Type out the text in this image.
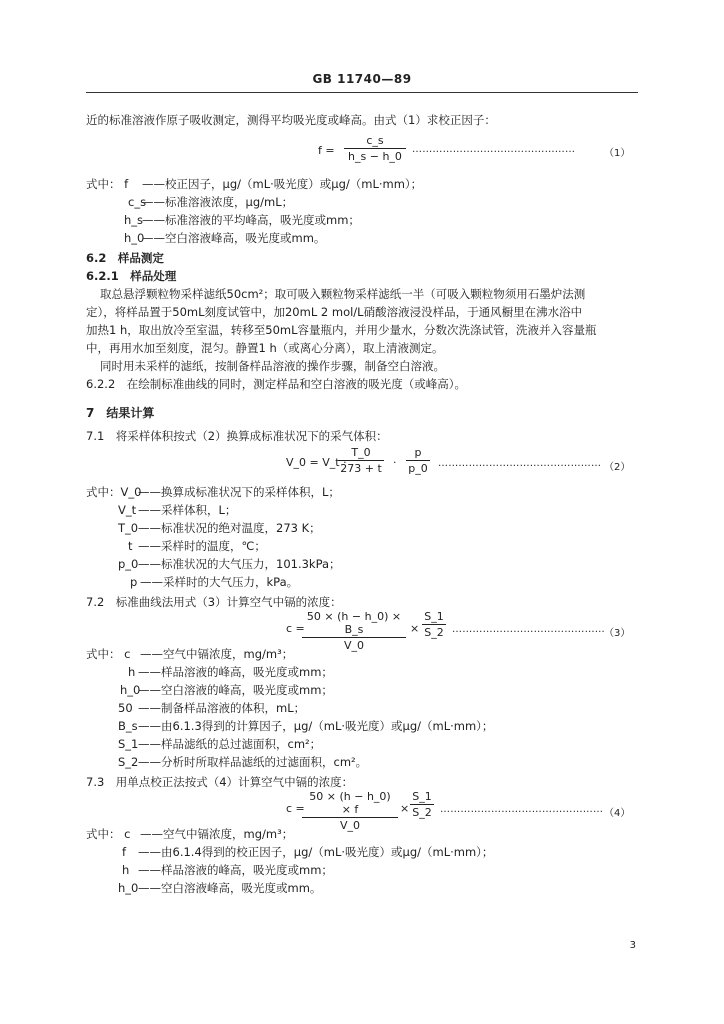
GB 11740—89
近的标准溶液作原子吸收测定，测得平均吸光度或峰高。由式（1）求校正因子：
f =
c_s
h_s − h_0
…………………………………………	（1）
式中： f ——校正因子，μg/（mL·吸光度）或μg/（mL·mm）；
c_s
——标准溶液浓度，μg/mL；
h_s
——标准溶液的平均峰高，吸光度或mm；
h_0
——空白溶液峰高，吸光度或mm。
6.2　样品测定
6.2.1　样品处理
取总悬浮颗粒物采样滤纸50cm²；取可吸入颗粒物采样滤纸一半（可吸入颗粒物须用石墨炉法测
定），将样品置于50mL刻度试管中，加20mL 2 mol/L硝酸溶液浸没样品，于通风橱里在沸水浴中
加热1 h，取出放冷至室温，转移至50mL容量瓶内，并用少量水，分数次洗涤试管，洗液并入容量瓶
中，再用水加至刻度，混匀。静置1 h（或离心分离），取上清液测定。
同时用未采样的滤纸，按制备样品溶液的操作步骤，制备空白溶液。
6.2.2　在绘制标准曲线的同时，测定样品和空白溶液的吸光度（或峰高）。
7　结果计算
7.1　将采样体积按式（2）换算成标准状况下的采气体积：
V_0 = V_t ·
T_0
273 + t ·
p
p_0 ………………………………………… （2）
式中：V_0
——换算成标准状况下的采样体积，L；
V_t ——采样体积，L；
T_0 ——标准状况的绝对温度，273 K；
t ——采样时的温度，℃；
p_0 ——标准状况的大气压力，101.3kPa；
p ——采样时的大气压力，kPa。
7.2　标准曲线法用式（3）计算空气中镉的浓度：
c =
50 × (h − h_0) × B_s
V_0
×
S_1
S_2 ……………………………………… （3）
式中： c ——空气中镉浓度，mg/m³；
h ——样品溶液的峰高，吸光度或mm；
h_0
——空白溶液的峰高，吸光度或mm；
50 ——制备样品溶液的体积，mL；
B_s ——由6.1.3得到的计算因子，μg/（mL·吸光度）或μg/（mL·mm）；
S_1 ——样品滤纸的总过滤面积，cm²；
S_2 ——分析时所取样品滤纸的过滤面积，cm²。
7.3　用单点校正法按式（4）计算空气中镉的浓度：
c =
50 × (h − h_0) × f
V_0
×
S_1
S_2 ………………………………………… （4）
式中： c ——空气中镉浓度，mg/m³；
f ——由6.1.4得到的校正因子，μg/（mL·吸光度）或μg/（mL·mm）；
h ——样品溶液的峰高，吸光度或mm；
h_0 ——空白溶液峰高，吸光度或mm。
3
